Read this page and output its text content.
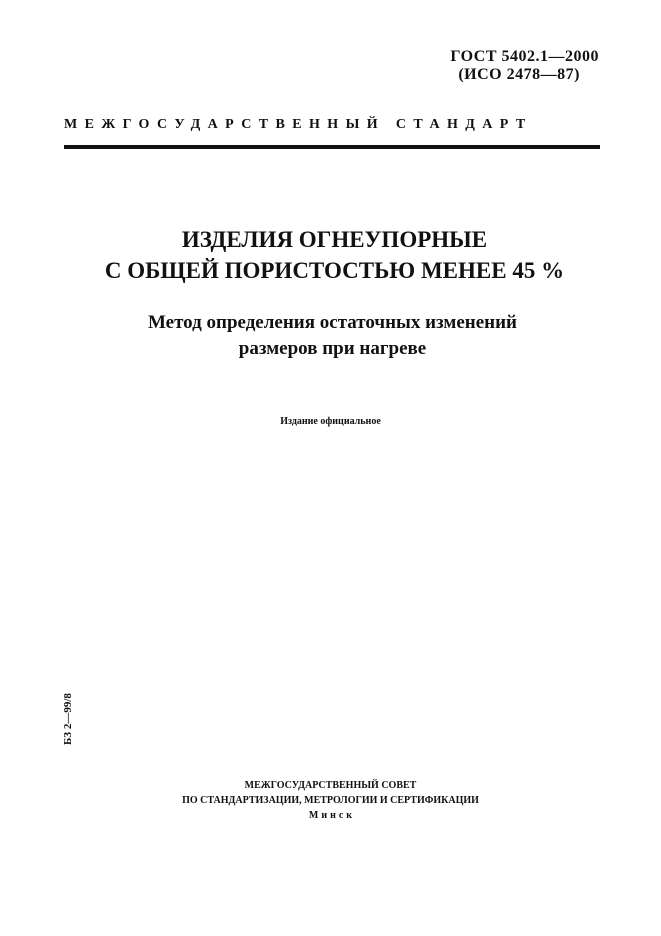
ГОСТ 5402.1—2000
(ИСО 2478—87)
МЕЖГОСУДАРСТВЕННЫЙ СТАНДАРТ
ИЗДЕЛИЯ ОГНЕУПОРНЫЕ
С ОБЩЕЙ ПОРИСТОСТЬЮ МЕНЕЕ 45 %
Метод определения остаточных изменений
размеров при нагреве
Издание официальное
БЗ 2—99/8
МЕЖГОСУДАРСТВЕННЫЙ СОВЕТ
ПО СТАНДАРТИЗАЦИИ, МЕТРОЛОГИИ И СЕРТИФИКАЦИИ
Минск
